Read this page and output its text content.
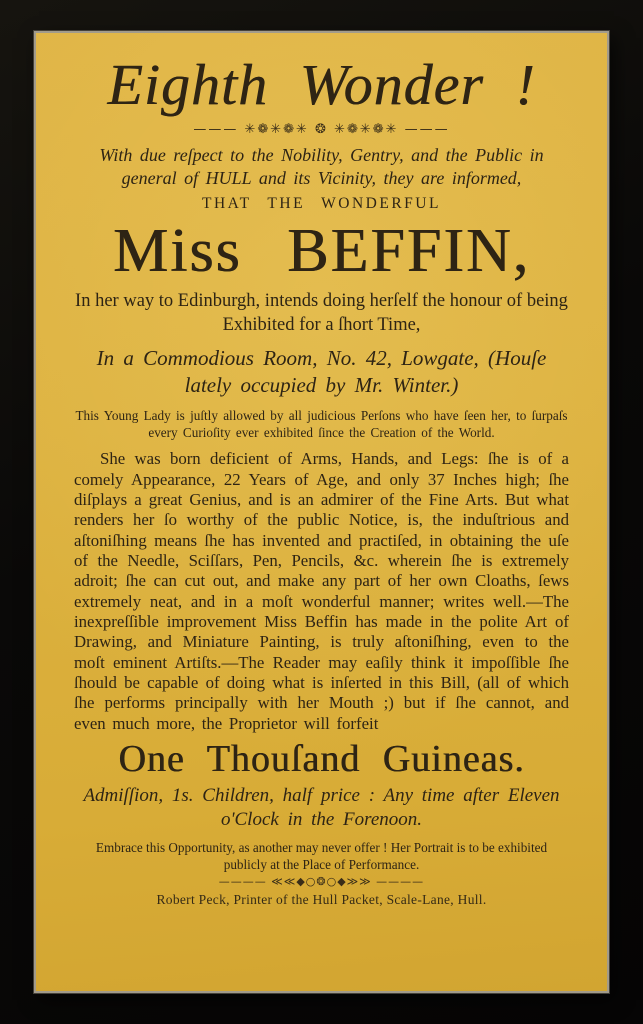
Eighth Wonder !
——— ✳❁✳❁✳ ❂ ✳❁✳❁✳ ———

With due reſpect to the Nobility, Gentry, and the Public in general of HULL and its Vicinity, they are informed,

THAT THE WONDERFUL

Miss BEFFIN,

In her way to Edinburgh, intends doing herſelf the honour of being Exhibited for a ſhort Time,

In a Commodious Room, No. 42, Lowgate, (Houſe lately occupied by Mr. Winter.)

This Young Lady is juſtly allowed by all judicious Perſons who have ſeen her, to ſurpaſs every Curioſity ever exhibited ſince the Creation of the World.

She was born deficient of Arms, Hands, and Legs: ſhe is of a comely Appearance, 22 Years of Age, and only 37 Inches high; ſhe diſplays a great Genius, and is an admirer of the Fine Arts. But what renders her ſo worthy of the public Notice, is, the induſtrious and aſtoniſhing means ſhe has invented and practiſed, in obtaining the uſe of the Needle, Sciſſars, Pen, Pencils, &c. wherein ſhe is extremely adroit; ſhe can cut out, and make any part of her own Cloaths, ſews extremely neat, and in a moſt wonderful manner; writes well.—The inexpreſſible improvement Miss Beffin has made in the polite Art of Drawing, and Miniature Painting, is truly aſtoniſhing, even to the moſt eminent Artiſts.—The Reader may eaſily think it impoſſible ſhe ſhould be capable of doing what is inſerted in this Bill, (all of which ſhe performs principally with her Mouth ;) but if ſhe cannot, and even much more, the Proprietor will forfeit

One Thouſand Guineas.

Admiſſion, 1s. Children, half price : Any time after Eleven o'Clock in the Forenoon.

Embrace this Opportunity, as another may never offer ! Her Portrait is to be exhibited publicly at the Place of Performance.

———— ≪≪◆○❂○◆≫≫ ————

Robert Peck, Printer of the Hull Packet, Scale-Lane, Hull.
